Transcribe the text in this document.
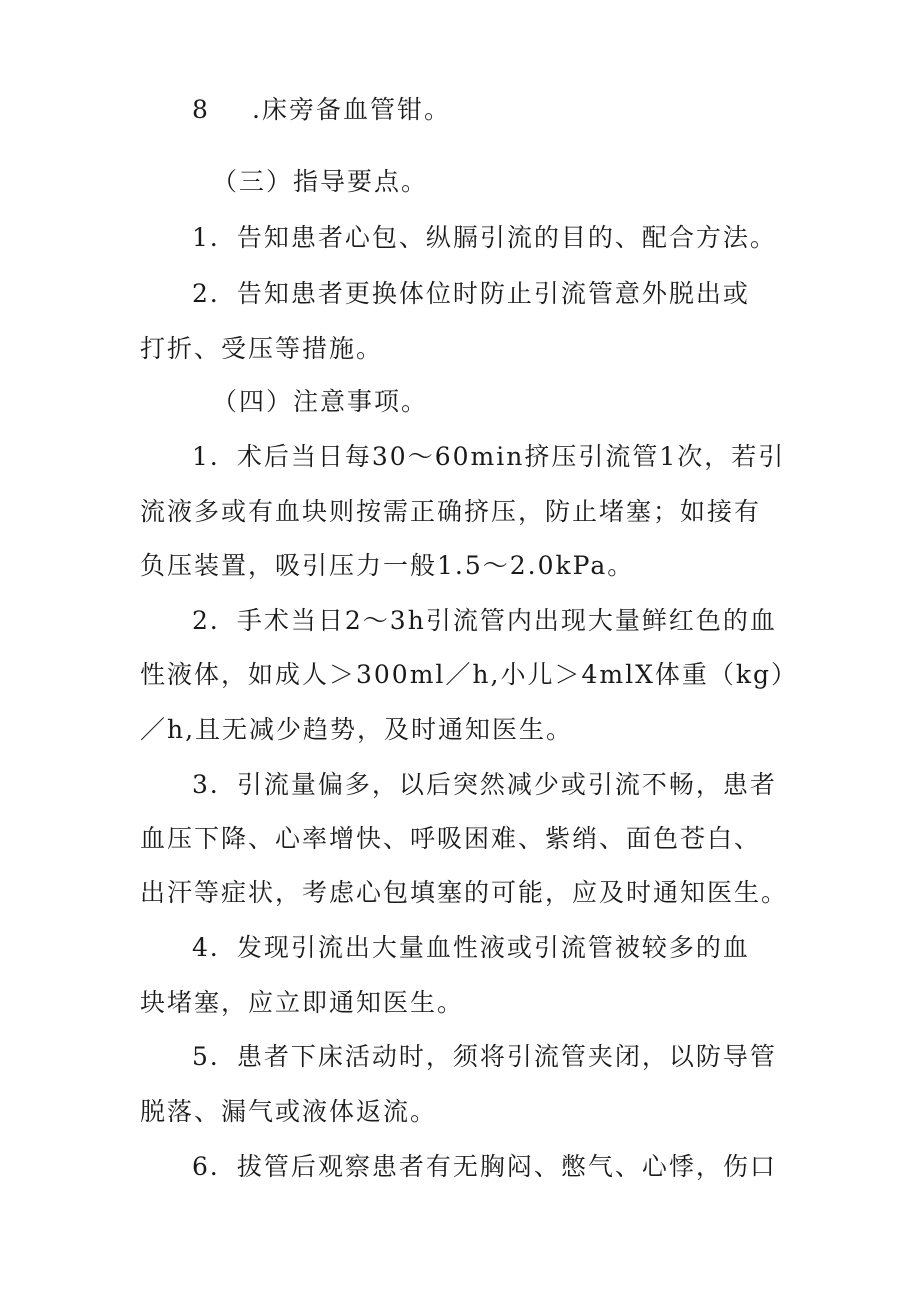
8 .床旁备血管钳。
（三）指导要点。
1．告知患者心包、纵膈引流的目的、配合方法。
2．告知患者更换体位时防止引流管意外脱出或
打折、受压等措施。
（四）注意事项。
1．术后当日每30〜60min挤压引流管1次，若引
流液多或有血块则按需正确挤压，防止堵塞；如接有
负压装置，吸引压力一般1.5〜2.0kPa。
2．手术当日2〜3h引流管内出现大量鲜红色的血
性液体，如成人＞300ml／h,小儿＞4mlX体重（kg）
／h,且无减少趋势，及时通知医生。
3．引流量偏多，以后突然减少或引流不畅，患者
血压下降、心率增快、呼吸困难、紫绡、面色苍白、
出汗等症状，考虑心包填塞的可能，应及时通知医生。
4．发现引流出大量血性液或引流管被较多的血
块堵塞，应立即通知医生。
5．患者下床活动时，须将引流管夹闭，以防导管
脱落、漏气或液体返流。
6．拔管后观察患者有无胸闷、憋气、心悸，伤口
